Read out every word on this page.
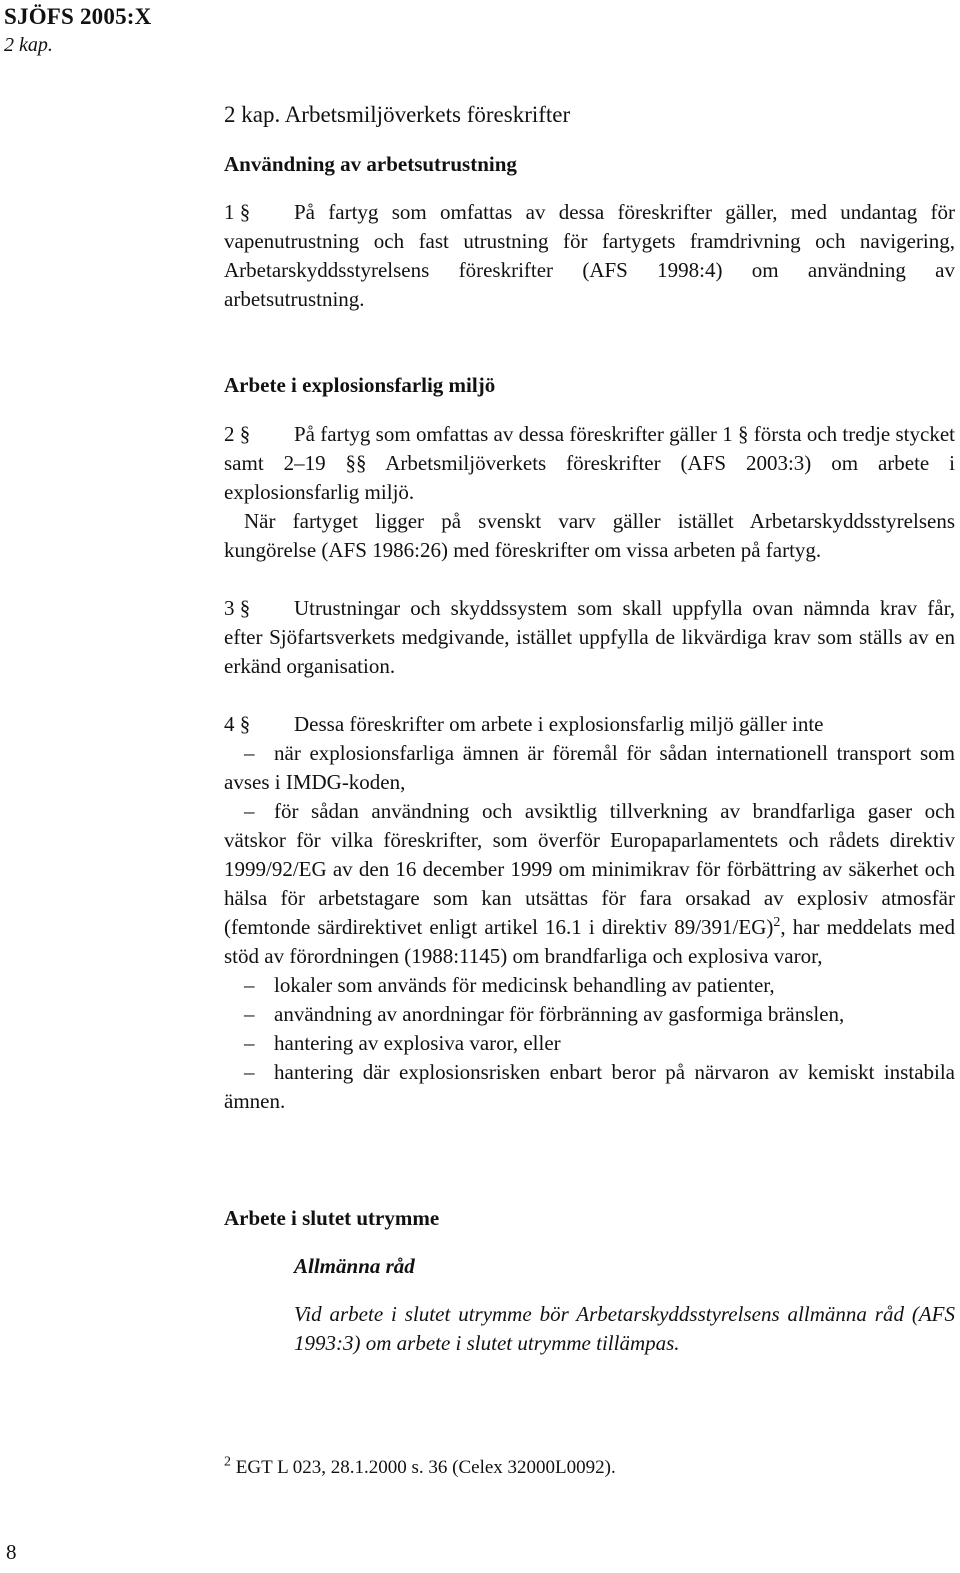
SJÖFS 2005:X
2 kap.
2 kap. Arbetsmiljöverkets föreskrifter
Användning av arbetsutrustning
1 § På fartyg som omfattas av dessa föreskrifter gäller, med undantag för vapenutrustning och fast utrustning för fartygets framdrivning och navigering, Arbetarskyddsstyrelsens föreskrifter (AFS 1998:4) om användning av arbetsutrustning.
Arbete i explosionsfarlig miljö
2 § På fartyg som omfattas av dessa föreskrifter gäller 1 § första och tredje stycket samt 2–19 §§ Arbetsmiljöverkets föreskrifter (AFS 2003:3) om arbete i explosionsfarlig miljö.
När fartyget ligger på svenskt varv gäller istället Arbetarskyddsstyrelsens kungörelse (AFS 1986:26) med föreskrifter om vissa arbeten på fartyg.
3 § Utrustningar och skyddssystem som skall uppfylla ovan nämnda krav får, efter Sjöfartsverkets medgivande, istället uppfylla de likvärdiga krav som ställs av en erkänd organisation.
4 § Dessa föreskrifter om arbete i explosionsfarlig miljö gäller inte
– när explosionsfarliga ämnen är föremål för sådan internationell transport som avses i IMDG-koden,
– för sådan användning och avsiktlig tillverkning av brandfarliga gaser och vätskor för vilka föreskrifter, som överför Europaparlamentets och rådets direktiv 1999/92/EG av den 16 december 1999 om minimikrav för förbättring av säkerhet och hälsa för arbetstagare som kan utsättas för fara orsakad av explosiv atmosfär (femtonde särdirektivet enligt artikel 16.1 i direktiv 89/391/EG)$^2$, har meddelats med stöd av förordningen (1988:1145) om brandfarliga och explosiva varor,
– lokaler som används för medicinsk behandling av patienter,
– användning av anordningar för förbränning av gasformiga bränslen,
– hantering av explosiva varor, eller
– hantering där explosionsrisken enbart beror på närvaron av kemiskt instabila ämnen.
Arbete i slutet utrymme
Allmänna råd
Vid arbete i slutet utrymme bör Arbetarskyddsstyrelsens allmänna råd (AFS 1993:3) om arbete i slutet utrymme tillämpas.
$^2$ EGT L 023, 28.1.2000 s. 36 (Celex 32000L0092).
8
